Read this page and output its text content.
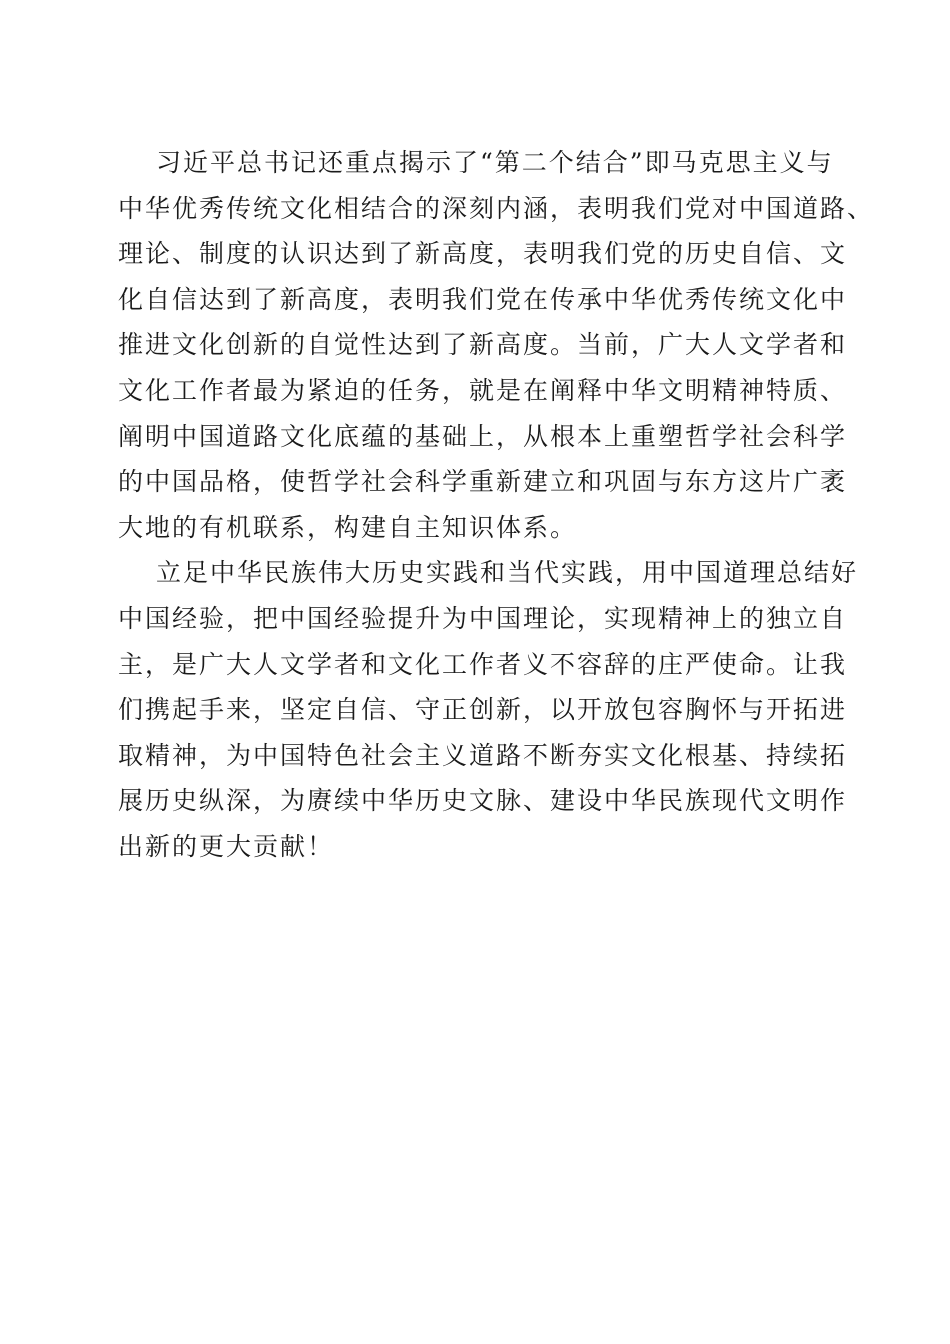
习近平总书记还重点揭示了“第二个结合”即马克思主义与
中华优秀传统文化相结合的深刻内涵，表明我们党对中国道路、
理论、制度的认识达到了新高度，表明我们党的历史自信、文
化自信达到了新高度，表明我们党在传承中华优秀传统文化中
推进文化创新的自觉性达到了新高度。当前，广大人文学者和
文化工作者最为紧迫的任务，就是在阐释中华文明精神特质、
阐明中国道路文化底蕴的基础上，从根本上重塑哲学社会科学
的中国品格，使哲学社会科学重新建立和巩固与东方这片广袤
大地的有机联系，构建自主知识体系。
立足中华民族伟大历史实践和当代实践，用中国道理总结好
中国经验，把中国经验提升为中国理论，实现精神上的独立自
主，是广大人文学者和文化工作者义不容辞的庄严使命。让我
们携起手来，坚定自信、守正创新，以开放包容胸怀与开拓进
取精神，为中国特色社会主义道路不断夯实文化根基、持续拓
展历史纵深，为赓续中华历史文脉、建设中华民族现代文明作
出新的更大贡献！
